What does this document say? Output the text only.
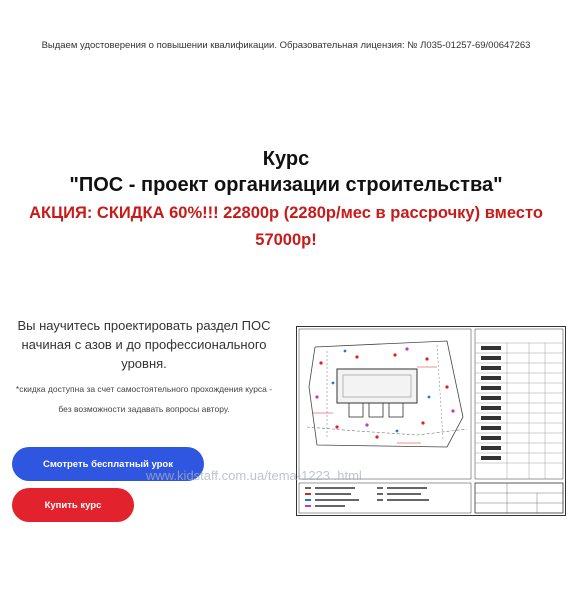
Выдаем удостоверения о повышении квалификации. Образовательная лицензия: № Л035-01257-69/00647263
Курс
"ПОС - проект организации строительства"
АКЦИЯ: СКИДКА 60%!!! 22800р (2280р/мес в рассрочку) вместо 57000р!
Вы научитесь проектировать раздел ПОС начиная с азов и до профессионального уровня.
*скидка доступна за счет самостоятельного прохождения курса - без возможности задавать вопросы автору.
Смотреть бесплатный урок
Купить курс
www.kidstaff.com.ua/tema-1223 .html
